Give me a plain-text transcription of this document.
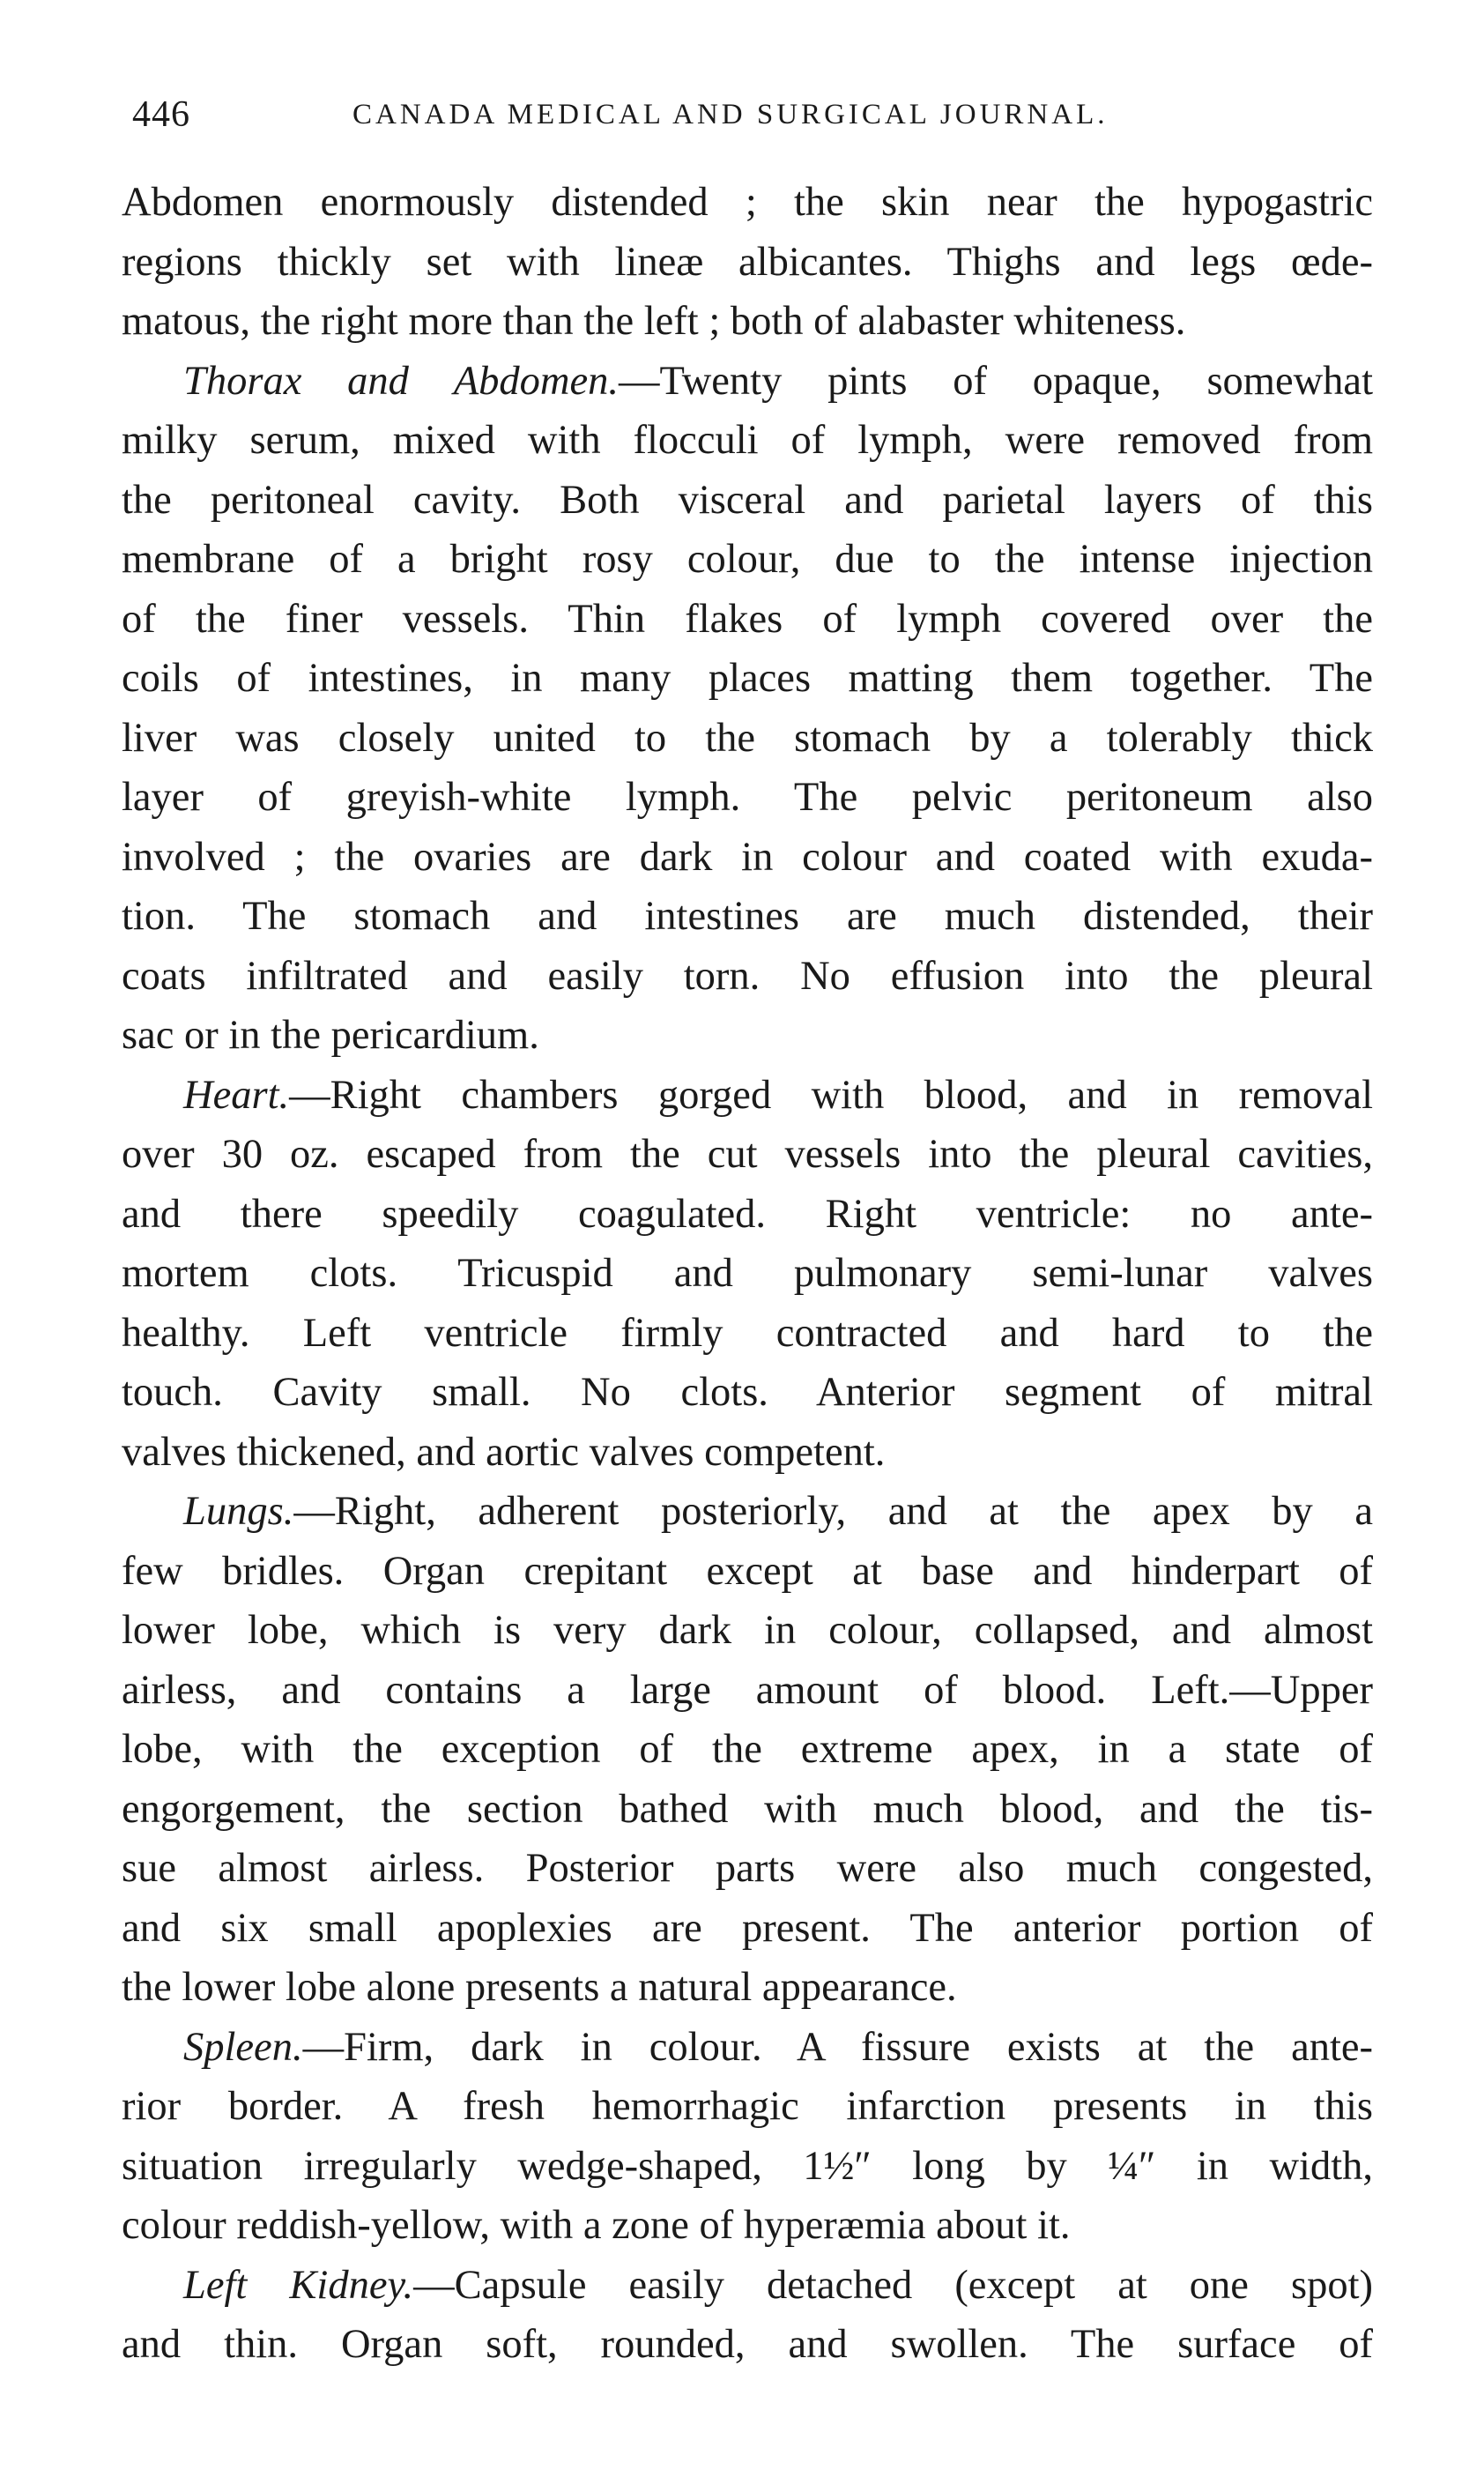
446	CANADA MEDICAL AND SURGICAL JOURNAL.
Abdomen enormously distended ; the skin near the hypogastric
regions thickly set with lineæ albicantes. Thighs and legs œde-
matous, the right more than the left ; both of alabaster whiteness.
Thorax and Abdomen.—Twenty pints of opaque, somewhat
milky serum, mixed with flocculi of lymph, were removed from
the peritoneal cavity. Both visceral and parietal layers of this
membrane of a bright rosy colour, due to the intense injection
of the finer vessels. Thin flakes of lymph covered over the
coils of intestines, in many places matting them together. The
liver was closely united to the stomach by a tolerably thick
layer of greyish-white lymph. The pelvic peritoneum also
involved ; the ovaries are dark in colour and coated with exuda-
tion. The stomach and intestines are much distended, their
coats infiltrated and easily torn. No effusion into the pleural
sac or in the pericardium.
Heart.—Right chambers gorged with blood, and in removal
over 30 oz. escaped from the cut vessels into the pleural cavities,
and there speedily coagulated. Right ventricle: no ante-
mortem clots. Tricuspid and pulmonary semi-lunar valves
healthy. Left ventricle firmly contracted and hard to the
touch. Cavity small. No clots. Anterior segment of mitral
valves thickened, and aortic valves competent.
Lungs.—Right, adherent posteriorly, and at the apex by a
few bridles. Organ crepitant except at base and hinderpart of
lower lobe, which is very dark in colour, collapsed, and almost
airless, and contains a large amount of blood. Left.—Upper
lobe, with the exception of the extreme apex, in a state of
engorgement, the section bathed with much blood, and the tis-
sue almost airless. Posterior parts were also much congested,
and six small apoplexies are present. The anterior portion of
the lower lobe alone presents a natural appearance.
Spleen.—Firm, dark in colour. A fissure exists at the ante-
rior border. A fresh hemorrhagic infarction presents in this
situation irregularly wedge-shaped, 1½″ long by ¼″ in width,
colour reddish-yellow, with a zone of hyperæmia about it.
Left Kidney.—Capsule easily detached (except at one spot)
and thin. Organ soft, rounded, and swollen. The surface of
